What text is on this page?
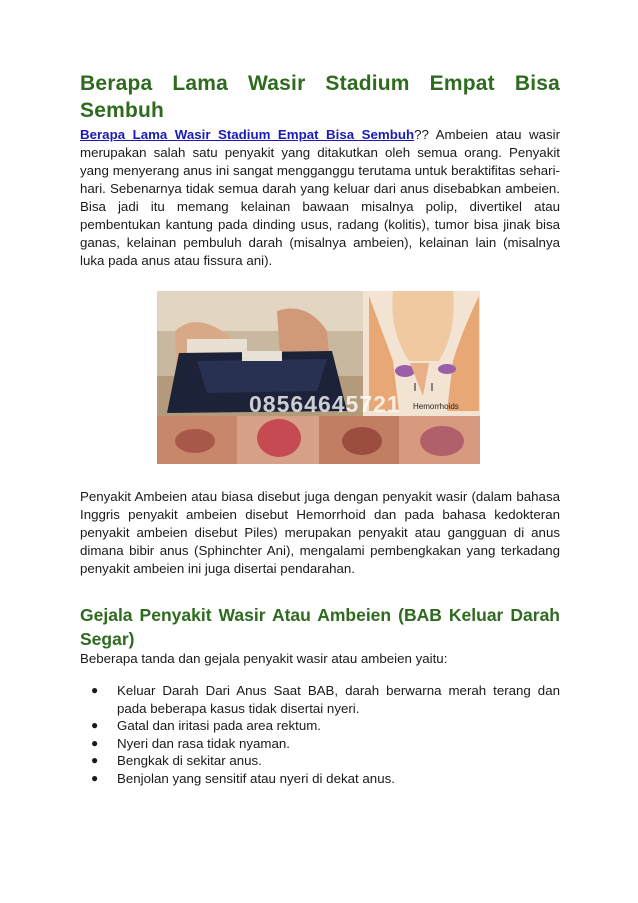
Berapa Lama Wasir Stadium Empat Bisa Sembuh

Berapa Lama Wasir Stadium Empat Bisa Sembuh?? Ambeien atau wasir merupakan salah satu penyakit yang ditakutkan oleh semua orang. Penyakit yang menyerang anus ini sangat mengganggu terutama untuk beraktifitas sehari-hari. Sebenarnya tidak semua darah yang keluar dari anus disebabkan ambeien. Bisa jadi itu memang kelainan bawaan misalnya polip, divertikel atau pembentukan kantung pada dinding usus, radang (kolitis), tumor bisa jinak bisa ganas, kelainan pembuluh darah (misalnya ambeien), kelainan lain (misalnya luka pada anus atau fissura ani).

Hemorrhoids
08564645721

Penyakit Ambeien atau biasa disebut juga dengan penyakit wasir (dalam bahasa Inggris penyakit ambeien disebut Hemorrhoid dan pada bahasa kedokteran penyakit ambeien disebut Piles) merupakan penyakit atau gangguan di anus dimana bibir anus (Sphinchter Ani), mengalami pembengkakan yang terkadang penyakit ambeien ini juga disertai pendarahan.

Gejala Penyakit Wasir Atau Ambeien (BAB Keluar Darah Segar)

Beberapa tanda dan gejala penyakit wasir atau ambeien yaitu:

● Keluar Darah Dari Anus Saat BAB, darah berwarna merah terang dan pada beberapa kasus tidak disertai nyeri.
● Gatal dan iritasi pada area rektum.
● Nyeri dan rasa tidak nyaman.
● Bengkak di sekitar anus.
● Benjolan yang sensitif atau nyeri di dekat anus.
